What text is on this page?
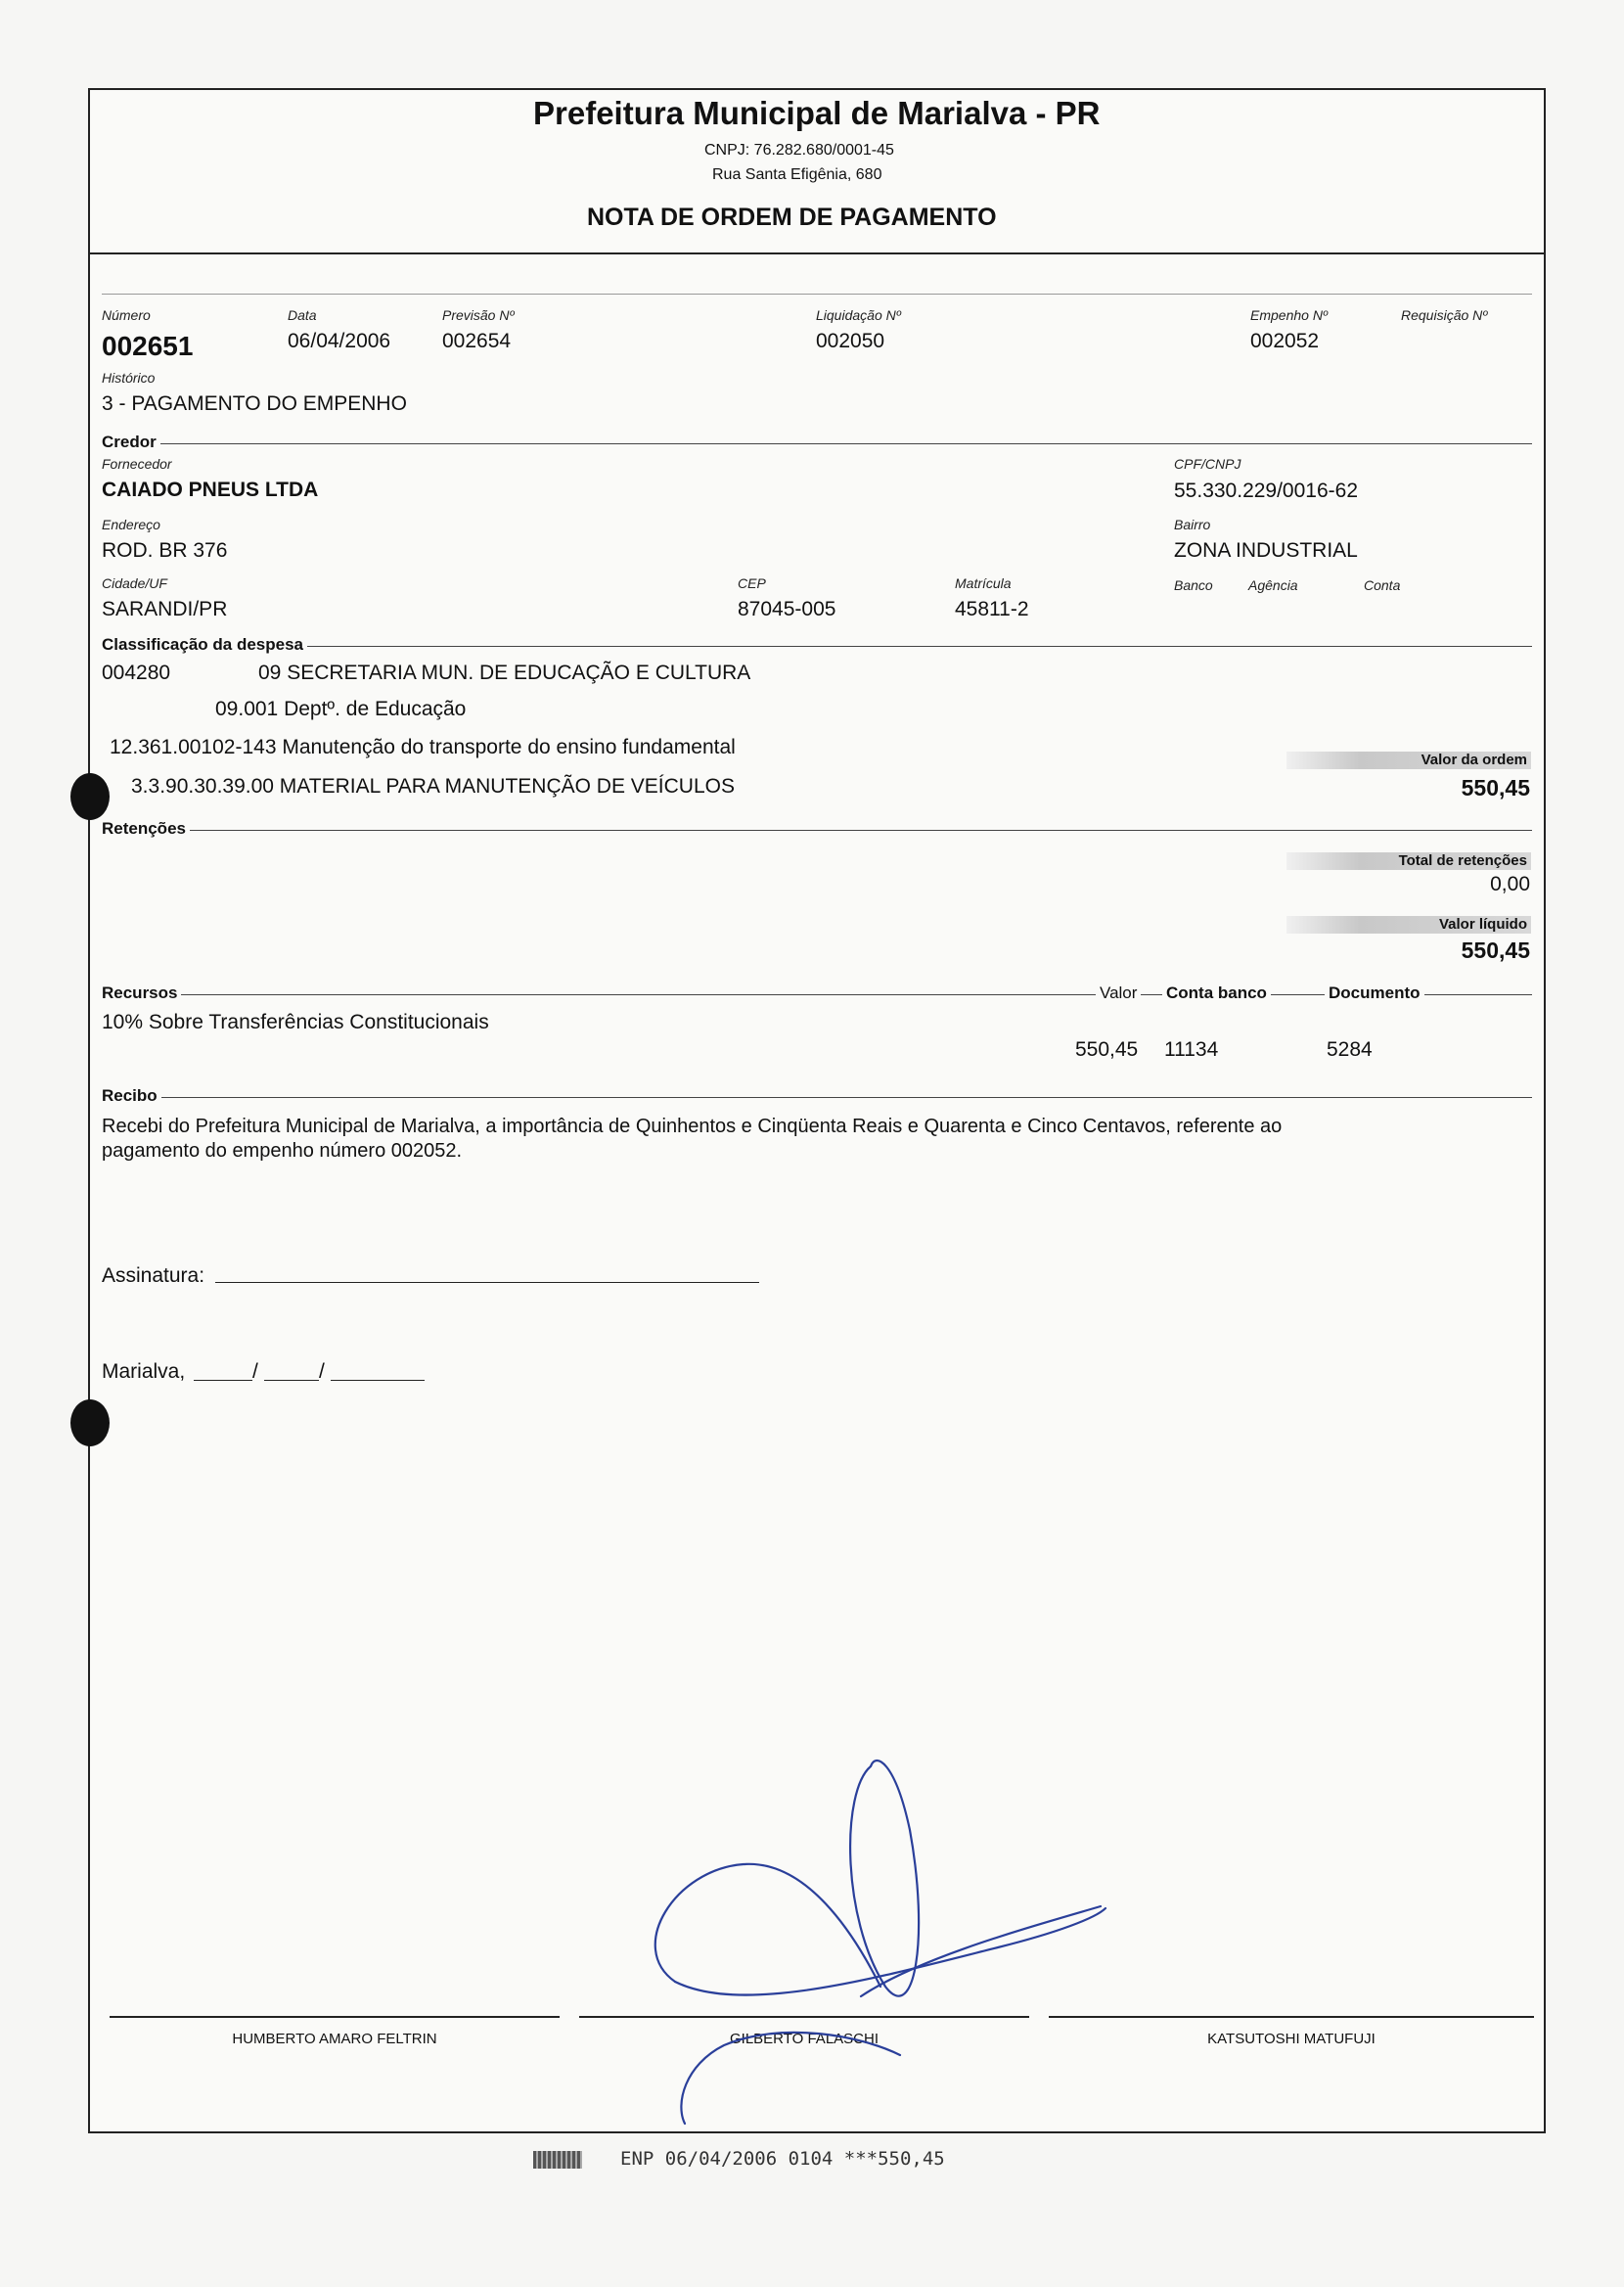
Prefeitura Municipal de Marialva - PR
CNPJ: 76.282.680/0001-45
Rua Santa Efigênia, 680
NOTA DE ORDEM DE PAGAMENTO
Número
002651
Data
06/04/2006
Previsão Nº
002654
Liquidação Nº
002050
Empenho Nº
002052
Requisição Nº
Histórico
3 - PAGAMENTO DO EMPENHO
Credor
Fornecedor
CAIADO PNEUS LTDA
CPF/CNPJ
55.330.229/0016-62
Endereço
ROD. BR 376
Bairro
ZONA INDUSTRIAL
Cidade/UF
SARANDI/PR
CEP
87045-005
Matrícula
45811-2
Banco	Agência	Conta
Classificação da despesa
004280	09 SECRETARIA MUN. DE EDUCAÇÃO E CULTURA
09.001 Deptº. de Educação
12.361.00102-143 Manutenção do transporte do ensino fundamental
3.3.90.30.39.00 MATERIAL PARA MANUTENÇÃO DE VEÍCULOS
Valor da ordem
550,45
Retenções
Total de retenções
0,00
Valor líquido
550,45
Recursos	Valor Conta banco	Documento
10% Sobre Transferências Constitucionais
550,45 11134	5284
Recibo
Recebi do Prefeitura Municipal de Marialva, a importância de Quinhentos e Cinqüenta Reais e Quarenta e Cinco Centavos, referente ao
pagamento do empenho número 002052.
Assinatura:
Marialva,	/	/
HUMBERTO AMARO FELTRIN	GILBERTO FALASCHI	KATSUTOSHI MATUFUJI
ENP 06/04/2006 0104 ***550,45
